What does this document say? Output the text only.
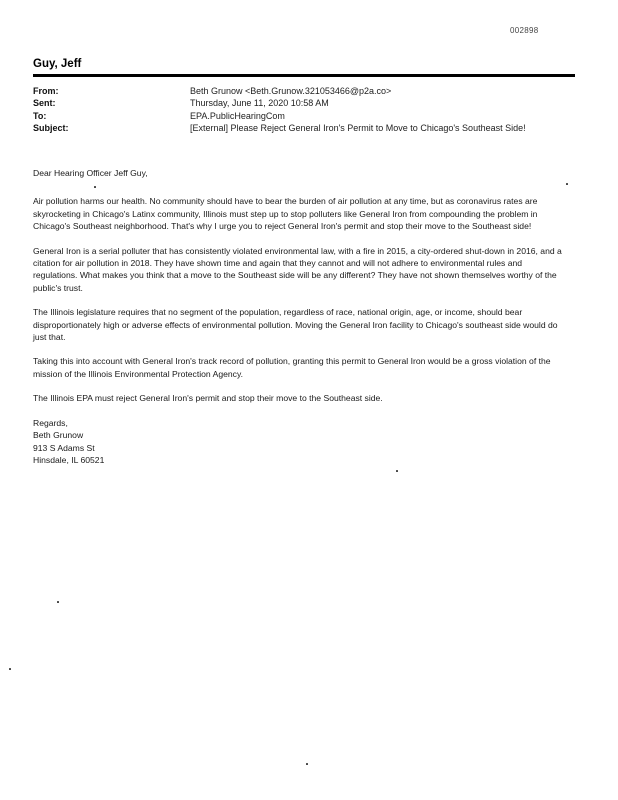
002898
Guy, Jeff
From:	Beth Grunow <Beth.Grunow.321053466@p2a.co>
Sent:	Thursday, June 11, 2020 10:58 AM
To:	EPA.PublicHearingCom
Subject:	[External] Please Reject General Iron's Permit to Move to Chicago's Southeast Side!

Dear Hearing Officer Jeff Guy,

Air pollution harms our health. No community should have to bear the burden of air pollution at any time, but as coronavirus rates are skyrocketing in Chicago's Latinx community, Illinois must step up to stop polluters like General Iron from compounding the problem in Chicago's Southeast neighborhood. That's why I urge you to reject General Iron's permit and stop their move to the Southeast side!

General Iron is a serial polluter that has consistently violated environmental law, with a fire in 2015, a city-ordered shut-down in 2016, and a citation for air pollution in 2018. They have shown time and again that they cannot and will not adhere to environmental rules and regulations. What makes you think that a move to the Southeast side will be any different? They have not shown themselves worthy of the public's trust.

The Illinois legislature requires that no segment of the population, regardless of race, national origin, age, or income, should bear disproportionately high or adverse effects of environmental pollution. Moving the General Iron facility to Chicago's southeast side would do just that.

Taking this into account with General Iron's track record of pollution, granting this permit to General Iron would be a gross violation of the mission of the Illinois Environmental Protection Agency.

The Illinois EPA must reject General Iron's permit and stop their move to the Southeast side.

Regards,
Beth Grunow
913 S Adams St
Hinsdale, IL 60521
